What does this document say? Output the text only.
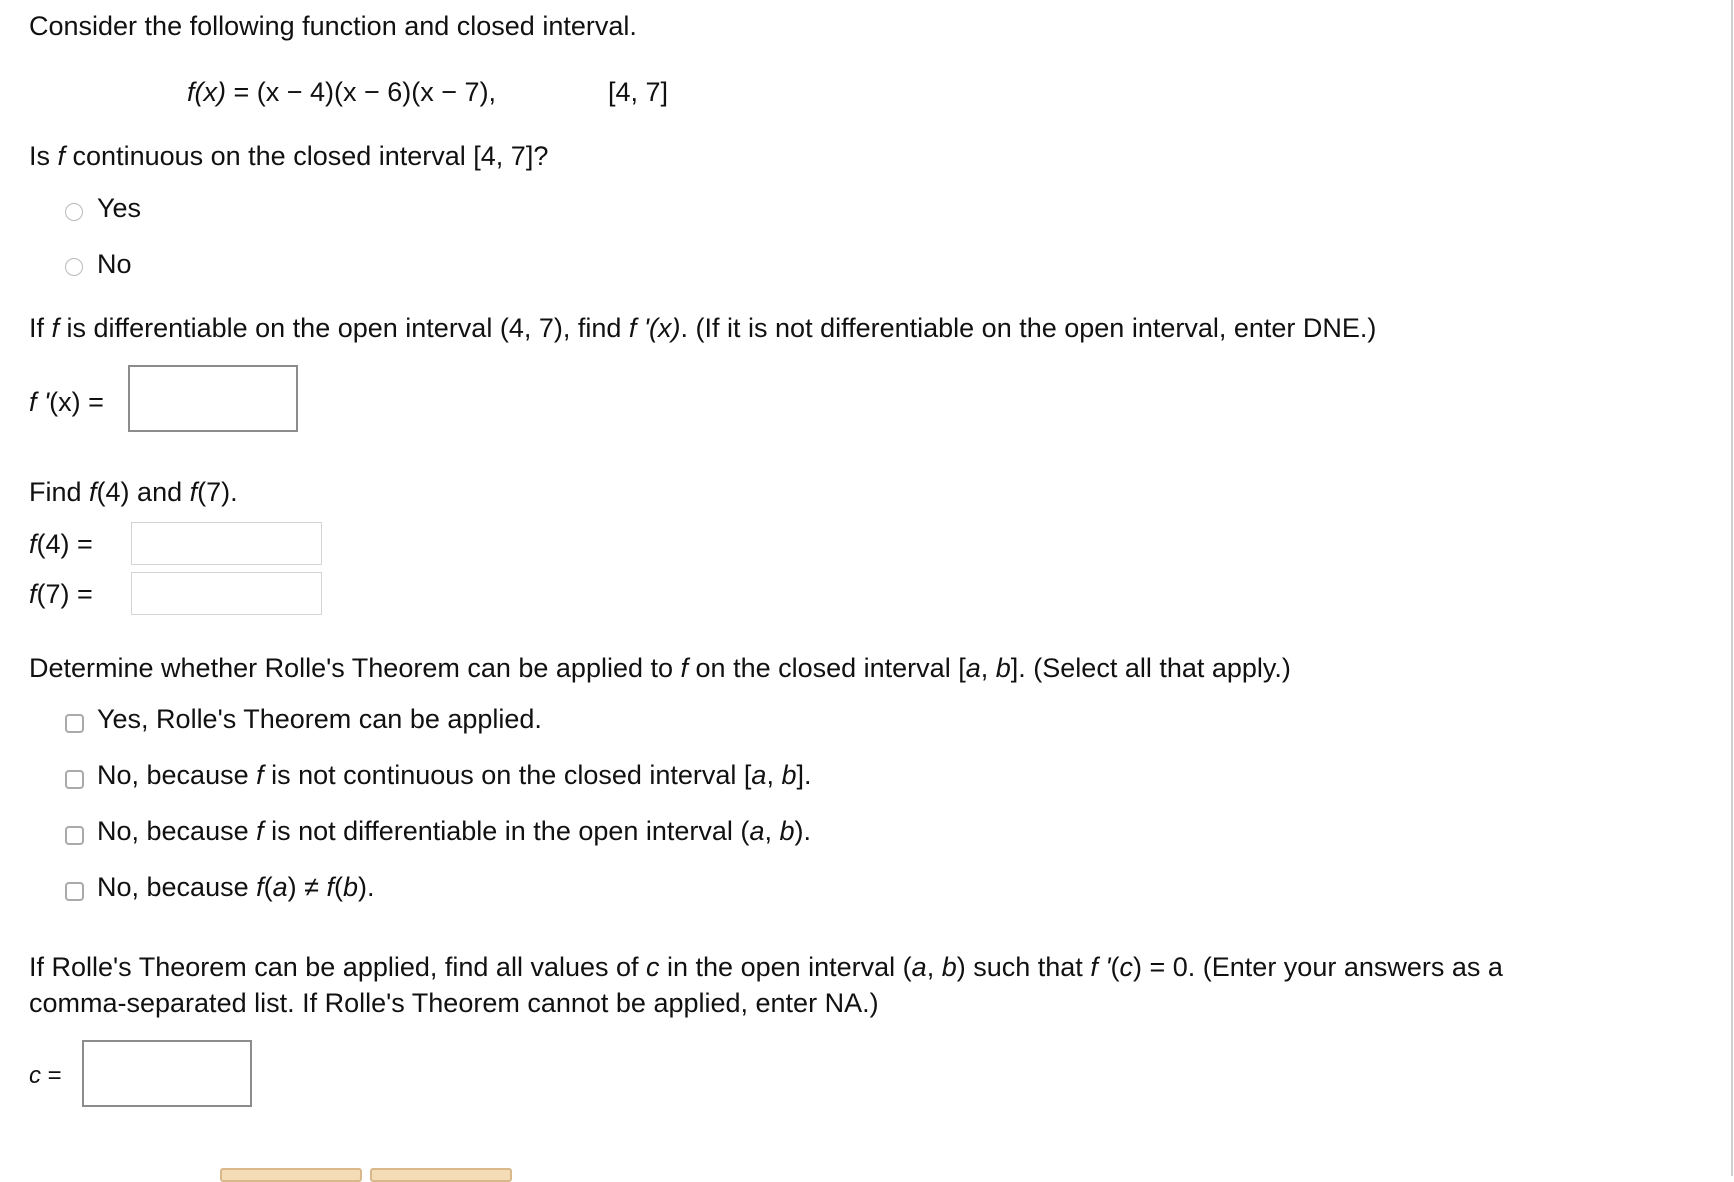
Consider the following function and closed interval.
f(x) = (x − 4)(x − 6)(x − 7),	[4, 7]
Is f continuous on the closed interval [4, 7]?
Yes
No
If f is differentiable on the open interval (4, 7), find f '(x). (If it is not differentiable on the open interval, enter DNE.)
f '(x) =
Find f(4) and f(7).
f(4) =
f(7) =
Determine whether Rolle's Theorem can be applied to f on the closed interval [a, b]. (Select all that apply.)
Yes, Rolle's Theorem can be applied.
No, because f is not continuous on the closed interval [a, b].
No, because f is not differentiable in the open interval (a, b).
No, because f(a) ≠ f(b).
If Rolle's Theorem can be applied, find all values of c in the open interval (a, b) such that f '(c) = 0. (Enter your answers as a
comma-separated list. If Rolle's Theorem cannot be applied, enter NA.)
c =
